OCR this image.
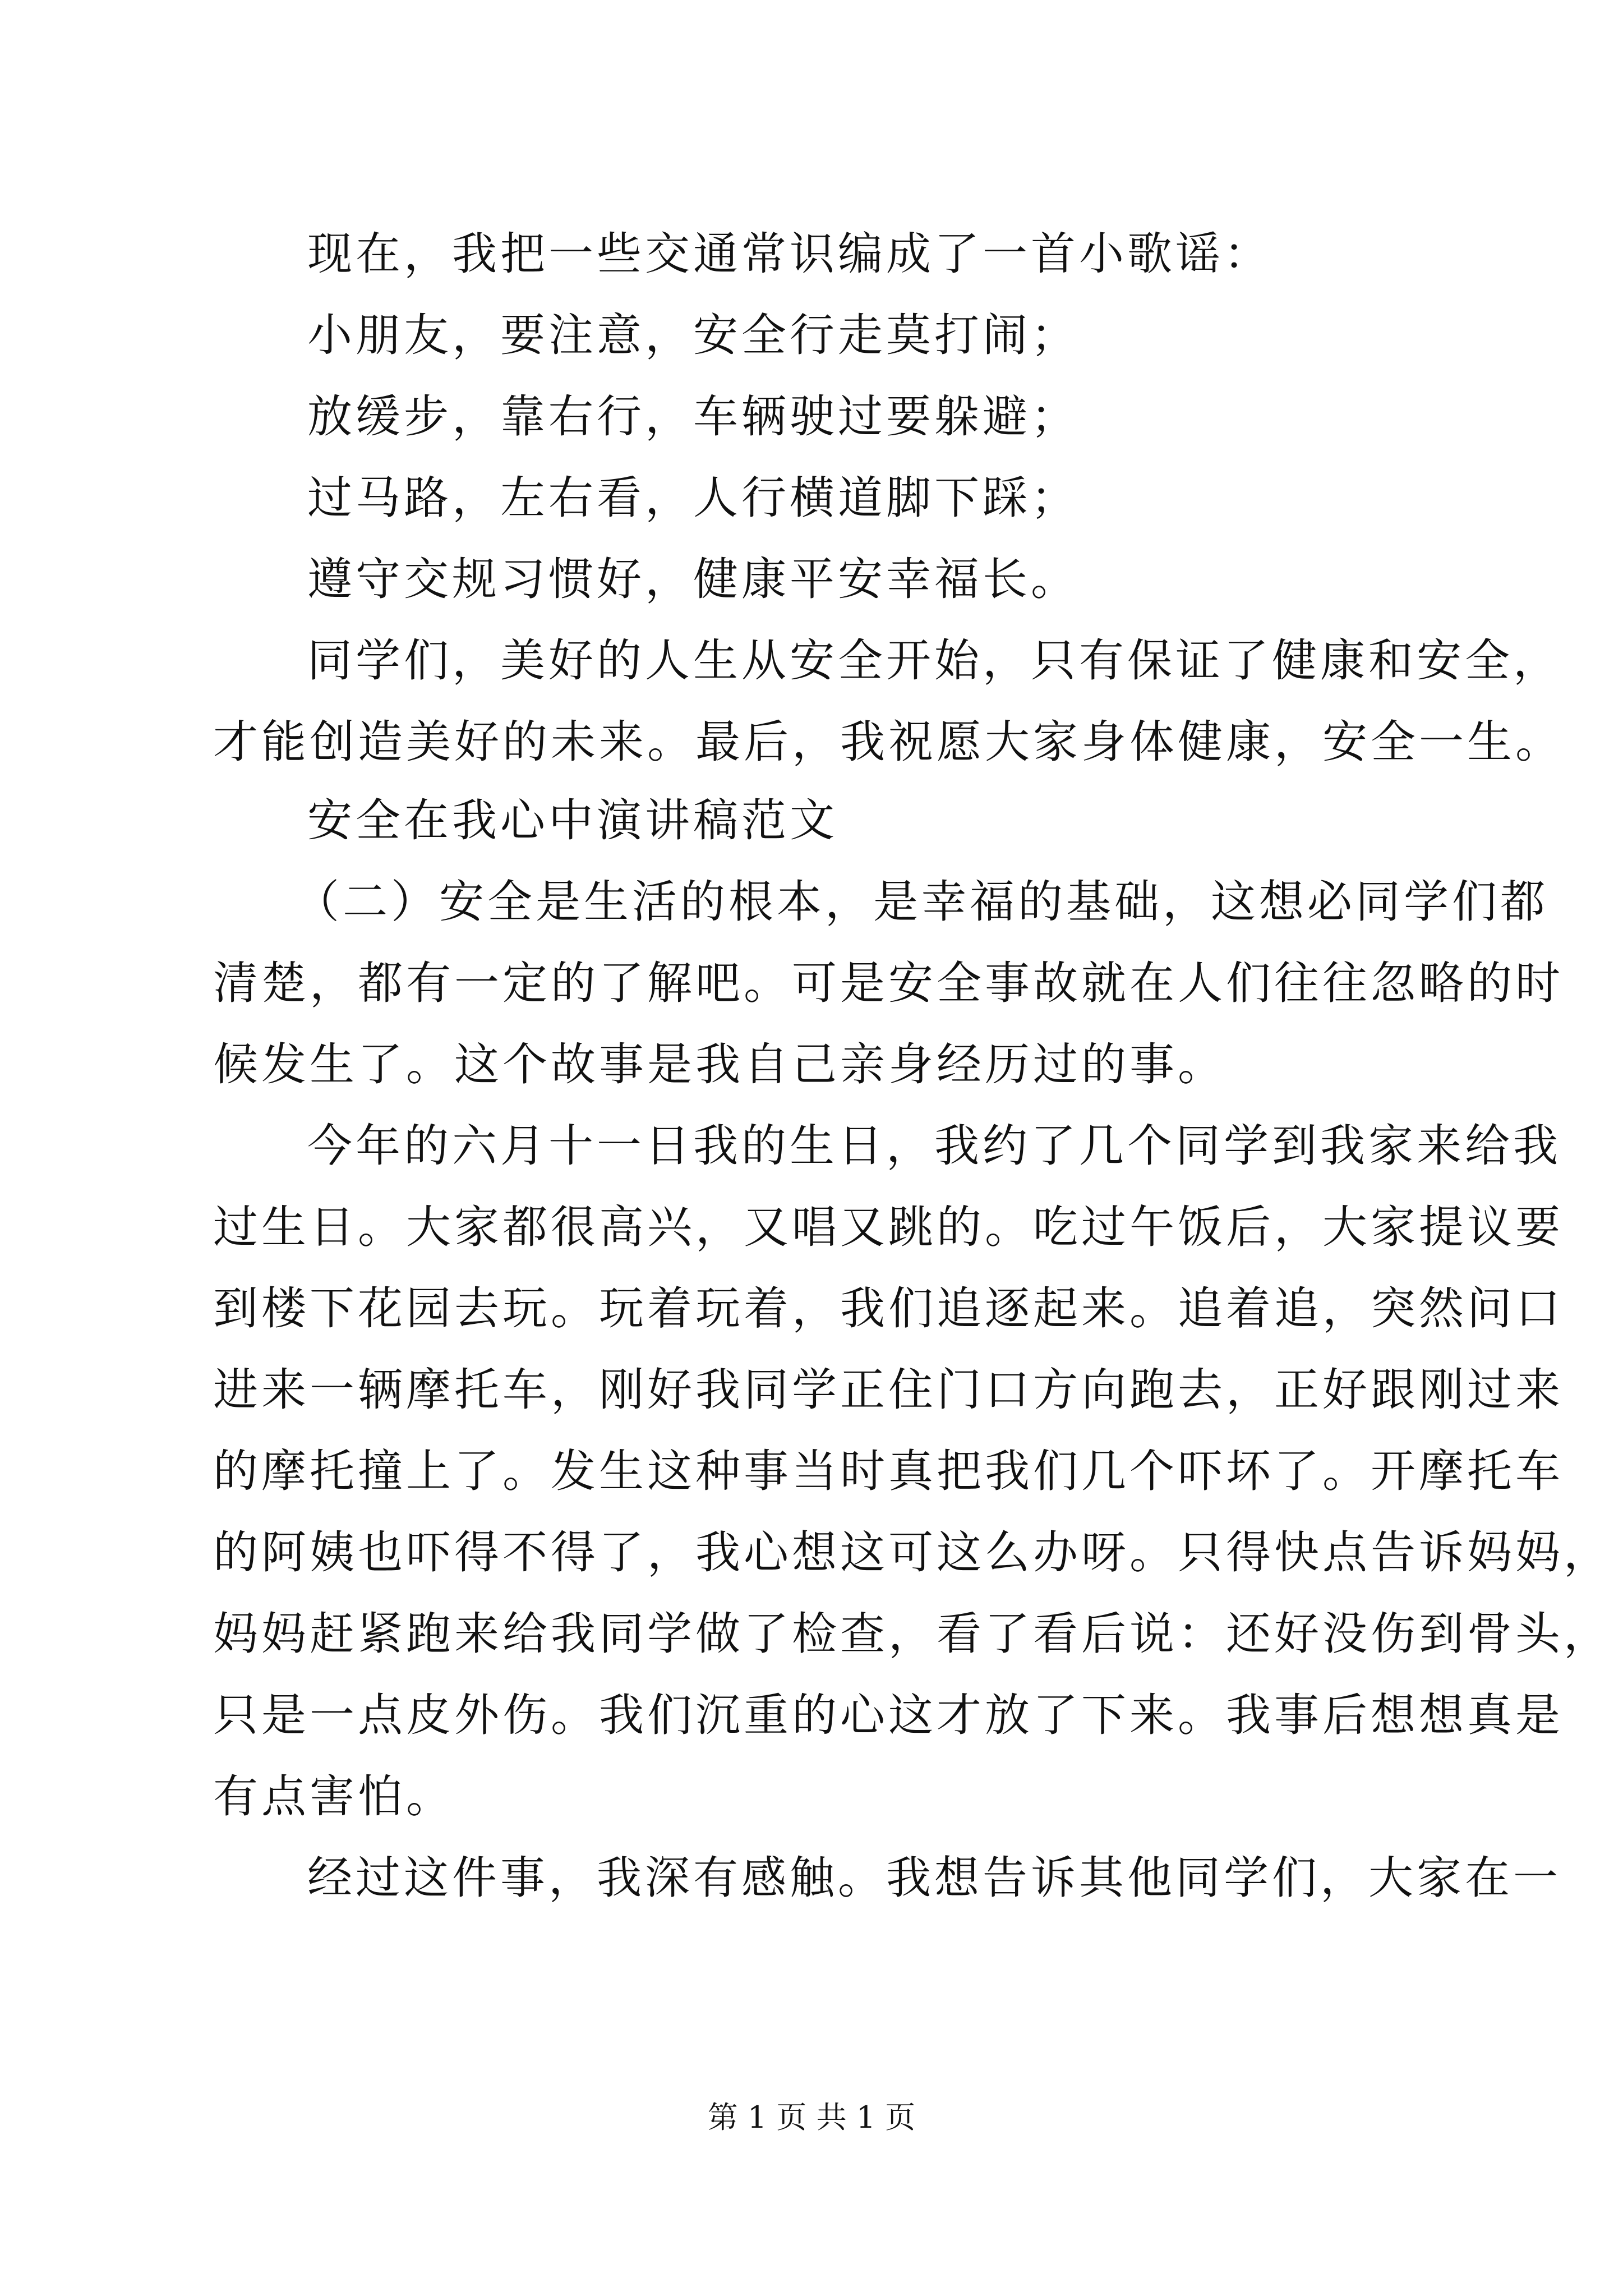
现在，我把一些交通常识编成了一首小歌谣：

小朋友，要注意，安全行走莫打闹；

放缓步，靠右行，车辆驶过要躲避；

过马路，左右看，人行横道脚下踩；

遵守交规习惯好，健康平安幸福长。

同学们，美好的人生从安全开始，只有保证了健康和安全，

才能创造美好的未来。最后，我祝愿大家身体健康，安全一生。

安全在我心中演讲稿范文

（二）安全是生活的根本，是幸福的基础，这想必同学们都

清楚，都有一定的了解吧。可是安全事故就在人们往往忽略的时

候发生了。这个故事是我自己亲身经历过的事。

今年的六月十一日我的生日，我约了几个同学到我家来给我

过生日。大家都很高兴，又唱又跳的。吃过午饭后，大家提议要

到楼下花园去玩。玩着玩着，我们追逐起来。追着追，突然问口

进来一辆摩托车，刚好我同学正住门口方向跑去，正好跟刚过来

的摩托撞上了。发生这种事当时真把我们几个吓坏了。开摩托车

的阿姨也吓得不得了，我心想这可这么办呀。只得快点告诉妈妈，

妈妈赶紧跑来给我同学做了检查，看了看后说：还好没伤到骨头，

只是一点皮外伤。我们沉重的心这才放了下来。我事后想想真是

有点害怕。

经过这件事，我深有感触。我想告诉其他同学们，大家在一

第 1 页 共 1 页
